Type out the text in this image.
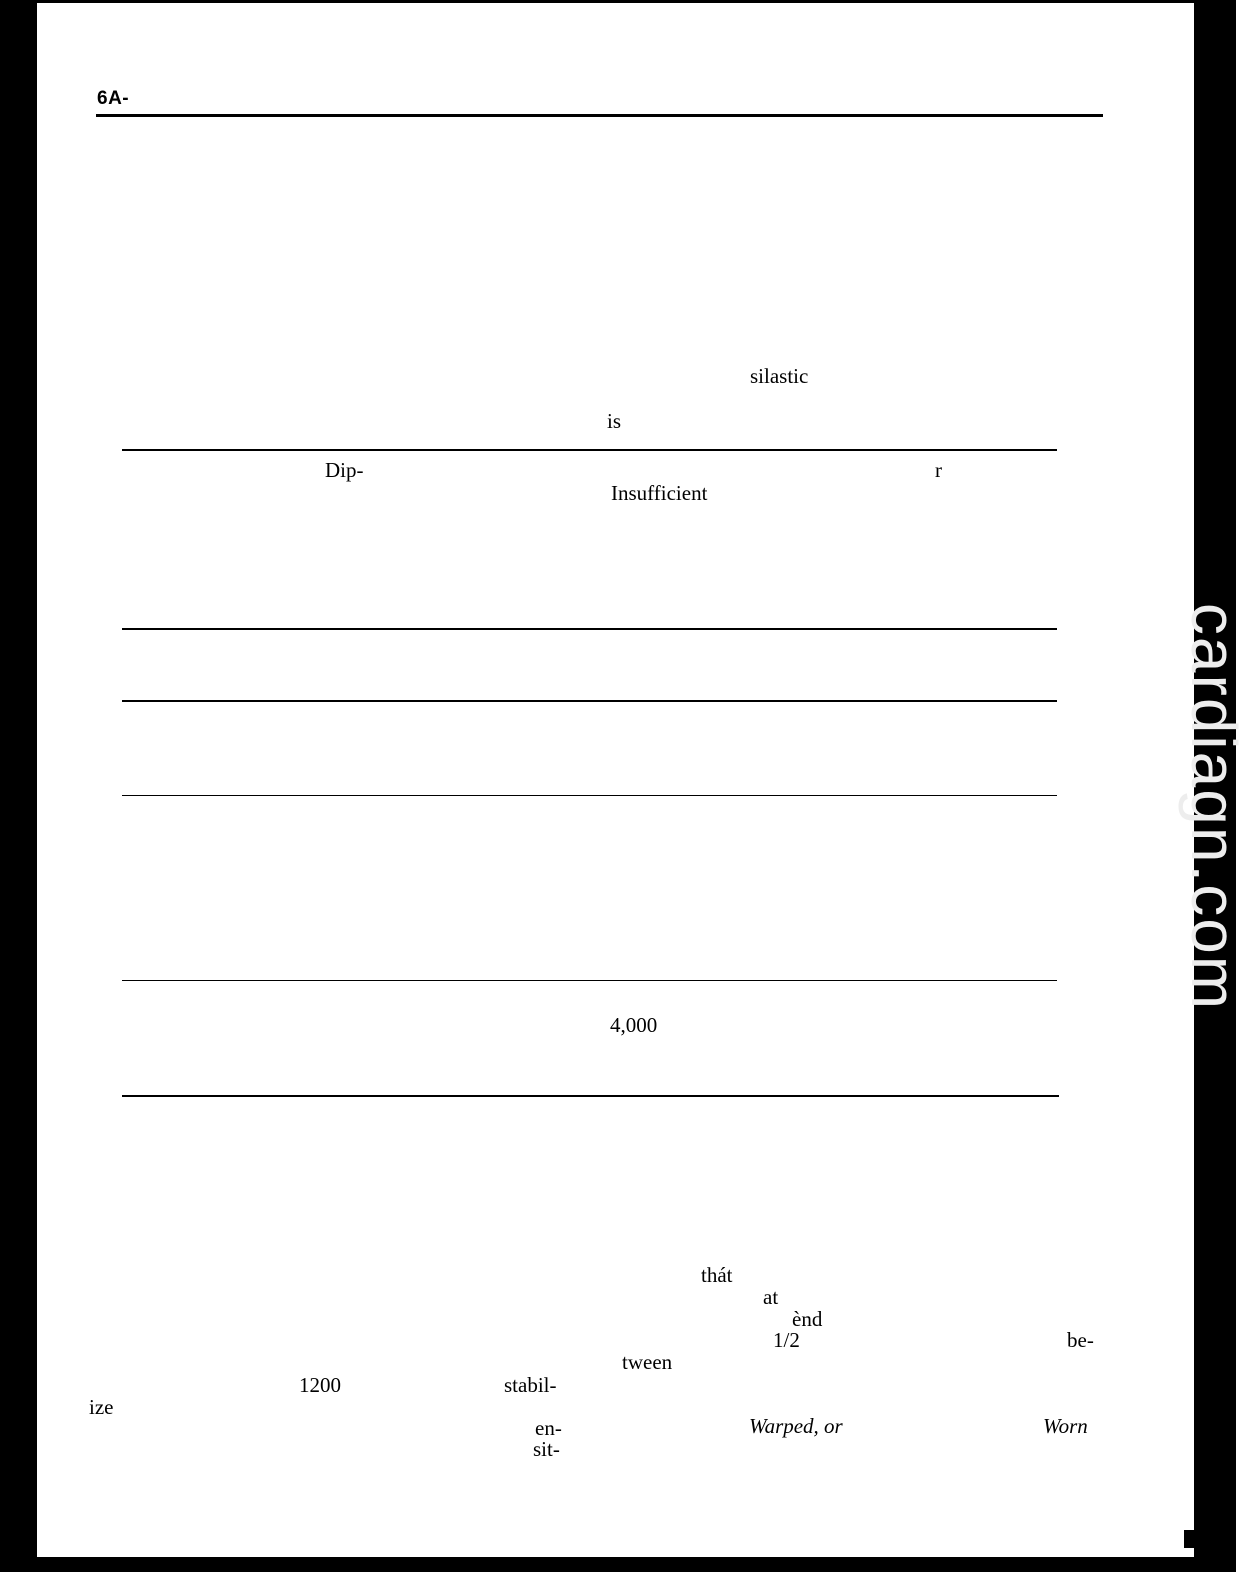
cardiagn.com
6A-
silastic
is
Dip-	r
Insufficient
4,000
thát
at
ènd
1/2	be-
tween
1200	stabil-
ize
en-	Warped, or	Worn
sit-
